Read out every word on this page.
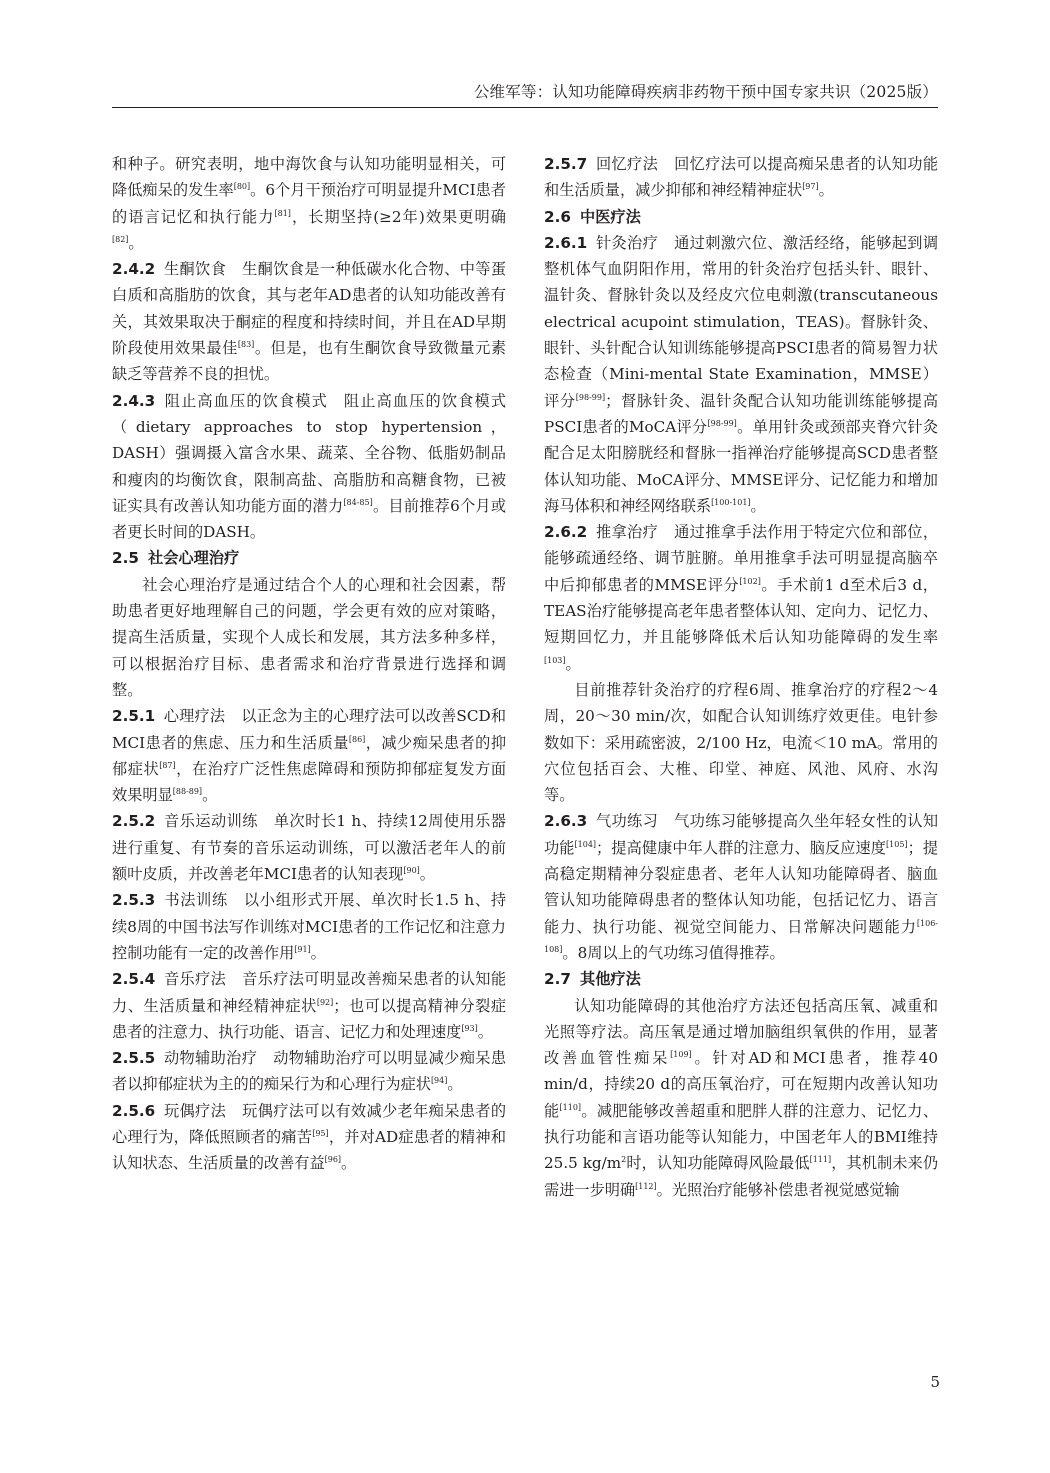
公维军等：认知功能障碍疾病非药物干预中国专家共识（2025版）

和种子。研究表明，地中海饮食与认知功能明显相关，可降低痴呆的发生率[80]。6个月干预治疗可明显提升MCI患者的语言记忆和执行能力[81]，长期坚持(≥2年)效果更明确[82]。

2.4.2 生酮饮食 生酮饮食是一种低碳水化合物、中等蛋白质和高脂肪的饮食，其与老年AD患者的认知功能改善有关，其效果取决于酮症的程度和持续时间，并且在AD早期阶段使用效果最佳[83]。但是，也有生酮饮食导致微量元素缺乏等营养不良的担忧。

2.4.3 阻止高血压的饮食模式 阻止高血压的饮食模式（dietary approaches to stop hypertension，DASH）强调摄入富含水果、蔬菜、全谷物、低脂奶制品和瘦肉的均衡饮食，限制高盐、高脂肪和高糖食物，已被证实具有改善认知功能方面的潜力[84-85]。目前推荐6个月或者更长时间的DASH。

2.5 社会心理治疗

社会心理治疗是通过结合个人的心理和社会因素，帮助患者更好地理解自己的问题，学会更有效的应对策略，提高生活质量，实现个人成长和发展，其方法多种多样，可以根据治疗目标、患者需求和治疗背景进行选择和调整。

2.5.1 心理疗法 以正念为主的心理疗法可以改善SCD和MCI患者的焦虑、压力和生活质量[86]，减少痴呆患者的抑郁症状[87]，在治疗广泛性焦虑障碍和预防抑郁症复发方面效果明显[88-89]。

2.5.2 音乐运动训练 单次时长1 h、持续12周使用乐器进行重复、有节奏的音乐运动训练，可以激活老年人的前额叶皮质，并改善老年MCI患者的认知表现[90]。

2.5.3 书法训练 以小组形式开展、单次时长1.5 h、持续8周的中国书法写作训练对MCI患者的工作记忆和注意力控制功能有一定的改善作用[91]。

2.5.4 音乐疗法 音乐疗法可明显改善痴呆患者的认知能力、生活质量和神经精神症状[92]；也可以提高精神分裂症患者的注意力、执行功能、语言、记忆力和处理速度[93]。

2.5.5 动物辅助治疗 动物辅助治疗可以明显减少痴呆患者以抑郁症状为主的的痴呆行为和心理行为症状[94]。

2.5.6 玩偶疗法 玩偶疗法可以有效减少老年痴呆患者的心理行为，降低照顾者的痛苦[95]，并对AD症患者的精神和认知状态、生活质量的改善有益[96]。

2.5.7 回忆疗法 回忆疗法可以提高痴呆患者的认知功能和生活质量，减少抑郁和神经精神症状[97]。

2.6 中医疗法

2.6.1 针灸治疗 通过刺激穴位、激活经络，能够起到调整机体气血阴阳作用，常用的针灸治疗包括头针、眼针、温针灸、督脉针灸以及经皮穴位电刺激(transcutaneous electrical acupoint stimulation，TEAS)。督脉针灸、眼针、头针配合认知训练能够提高PSCI患者的简易智力状态检查（Mini-mental State Examination，MMSE）评分[98-99]；督脉针灸、温针灸配合认知功能训练能够提高PSCI患者的MoCA评分[98-99]。单用针灸或颈部夹脊穴针灸配合足太阳膀胱经和督脉一指禅治疗能够提高SCD患者整体认知功能、MoCA评分、MMSE评分、记忆能力和增加海马体积和神经网络联系[100-101]。

2.6.2 推拿治疗 通过推拿手法作用于特定穴位和部位，能够疏通经络、调节脏腑。单用推拿手法可明显提高脑卒中后抑郁患者的MMSE评分[102]。手术前1 d至术后3 d，TEAS治疗能够提高老年患者整体认知、定向力、记忆力、短期回忆力，并且能够降低术后认知功能障碍的发生率[103]。

目前推荐针灸治疗的疗程6周、推拿治疗的疗程2～4周，20～30 min/次，如配合认知训练疗效更佳。电针参数如下：采用疏密波，2/100 Hz，电流＜10 mA。常用的穴位包括百会、大椎、印堂、神庭、风池、风府、水沟等。

2.6.3 气功练习 气功练习能够提高久坐年轻女性的认知功能[104]；提高健康中年人群的注意力、脑反应速度[105]；提高稳定期精神分裂症患者、老年人认知功能障碍者、脑血管认知功能障碍患者的整体认知功能，包括记忆力、语言能力、执行功能、视觉空间能力、日常解决问题能力[106-108]。8周以上的气功练习值得推荐。

2.7 其他疗法

认知功能障碍的其他治疗方法还包括高压氧、减重和光照等疗法。高压氧是通过增加脑组织氧供的作用，显著改善血管性痴呆[109]。针对AD和MCI患者，推荐40 min/d，持续20 d的高压氧治疗，可在短期内改善认知功能[110]。减肥能够改善超重和肥胖人群的注意力、记忆力、执行功能和言语功能等认知能力，中国老年人的BMI维持25.5 $kg/m^2$时，认知功能障碍风险最低[111]，其机制未来仍需进一步明确[112]。光照治疗能够补偿患者视觉感觉输

5
